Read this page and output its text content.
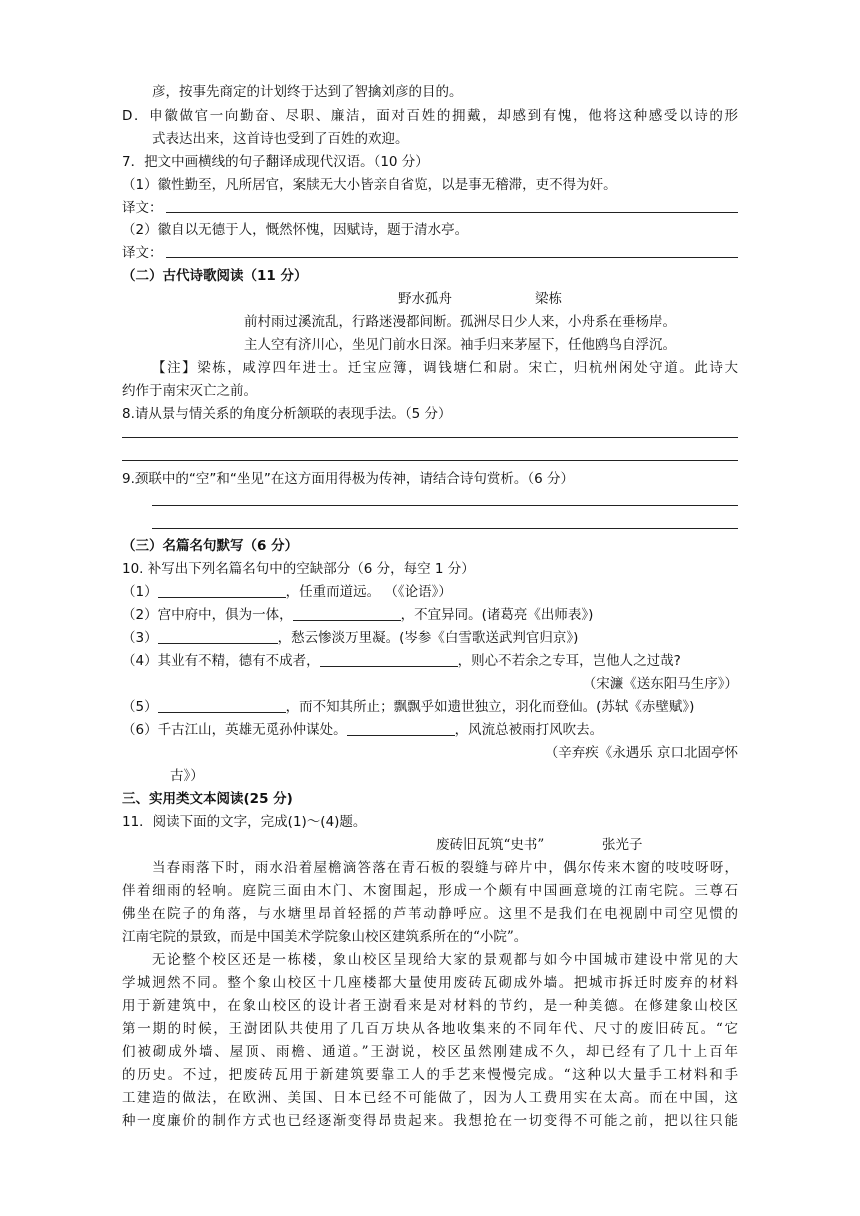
彦，按事先商定的计划终于达到了智擒刘彦的目的。
D．申徽做官一向勤奋、尽职、廉洁，面对百姓的拥戴，却感到有愧，他将这种感受以诗的形
式表达出来，这首诗也受到了百姓的欢迎。
7．把文中画横线的句子翻译成现代汉语。（10 分）
（1）徽性勤至，凡所居官，案牍无大小皆亲自省览，以是事无稽滞，吏不得为奸。
译文：
（2）徽自以无德于人，慨然怀愧，因赋诗，题于清水亭。
译文：
（二）古代诗歌阅读（11 分）
野水孤舟	梁栋
前村雨过溪流乱，行路迷漫都间断。孤洲尽日少人来，小舟系在垂杨岸。
主人空有济川心，坐见门前水日深。袖手归来茅屋下，任他鸥鸟自浮沉。
【注】梁栋，咸淳四年进士。迁宝应簿，调钱塘仁和尉。宋亡，归杭州闲处守道。此诗大
约作于南宋灭亡之前。
8.请从景与情关系的角度分析颔联的表现手法。（5 分）
9.颈联中的“空”和“坐见”在这方面用得极为传神，请结合诗句赏析。（6 分）
（三）名篇名句默写（6 分）
10. 补写出下列名篇名句中的空缺部分（6 分，每空 1 分）
（1）	，任重而道远。 （《论语》）
（2）宫中府中，俱为一体，	，不宜异同。(诸葛亮《出师表》)
（3）	，愁云惨淡万里凝。(岑参《白雪歌送武判官归京》)
（4）其业有不精，德有不成者，	，则心不若余之专耳，岂他人之过哉?
（宋濂《送东阳马生序》）
（5）	，而不知其所止；飘飘乎如遗世独立，羽化而登仙。(苏轼《赤壁赋》)
（6）千古江山，英雄无觅孙仲谋处。	，风流总被雨打风吹去。
（辛弃疾《永遇乐 京口北固亭怀
古》）
三、实用类文本阅读(25 分)
11．阅读下面的文字，完成(1)～(4)题。
废砖旧瓦筑“史书”	张光子
当春雨落下时，雨水沿着屋檐滴答落在青石板的裂缝与碎片中，偶尔传来木窗的吱吱呀呀，
伴着细雨的轻响。庭院三面由木门、木窗围起，形成一个颇有中国画意境的江南宅院。三尊石
佛坐在院子的角落，与水塘里昂首轻摇的芦苇动静呼应。这里不是我们在电视剧中司空见惯的
江南宅院的景致，而是中国美术学院象山校区建筑系所在的“小院”。
无论整个校区还是一栋楼，象山校区呈现给大家的景观都与如今中国城市建设中常见的大
学城迥然不同。整个象山校区十几座楼都大量使用废砖瓦砌成外墙。把城市拆迁时废弃的材料
用于新建筑中，在象山校区的设计者王澍看来是对材料的节约，是一种美德。在修建象山校区
第一期的时候，王澍团队共使用了几百万块从各地收集来的不同年代、尺寸的废旧砖瓦。“它
们被砌成外墙、屋顶、雨檐、通道。”王澍说，校区虽然刚建成不久，却已经有了几十上百年
的历史。不过，把废砖瓦用于新建筑要靠工人的手艺来慢慢完成。“这种以大量手工材料和手
工建造的做法，在欧洲、美国、日本已经不可能做了，因为人工费用实在太高。而在中国，这
种一度廉价的制作方式也已经逐渐变得昂贵起来。我想抢在一切变得不可能之前，把以往只能
